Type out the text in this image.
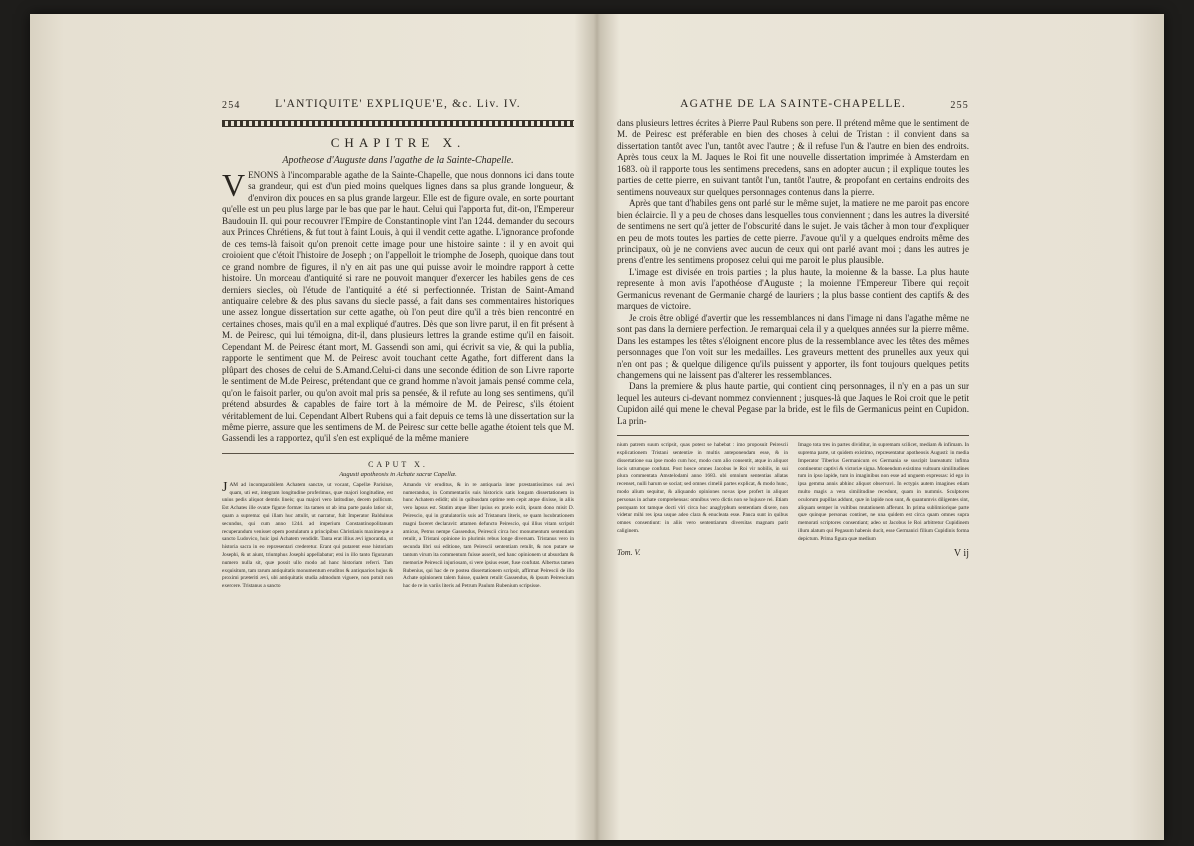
254	L'ANTIQUITE' EXPLIQUE'E, &c. Liv. IV.
CHAPITRE X.
Apotheose d'Auguste dans l'agathe de la Sainte-Chapelle.

V ENONS à l'incomparable agathe de la Sainte-Chapelle, que nous donnons ici dans toute sa grandeur, qui est d'un pied moins quelques lignes dans sa plus grande longueur, & d'environ dix pouces en sa plus grande largeur. Elle est de figure ovale, en sorte pourtant qu'elle est un peu plus large par le bas que par le haut. Celui qui l'apporta fut, dit-on, l'Empereur Baudouin II. qui pour recouvrer l'Empire de Constantinople vint l'an 1244. demander du secours aux Princes Chrétiens, & fut tout à faint Louis, à qui il vendit cette agathe. L'ignorance profonde de ces tems-là faisoit qu'on prenoit cette image pour une histoire sainte : il y en avoit qui croioient que c'étoit l'histoire de Joseph ; on l'appelloit le triomphe de Joseph, quoique dans tout ce grand nombre de figures, il n'y en ait pas une qui puisse avoir le moindre rapport à cette histoire. Un morceau d'antiquité si rare ne pouvoit manquer d'exercer les habiles gens de ces derniers siecles, où l'étude de l'antiquité a été si perfectionnée. Tristan de Saint-Amand antiquaire celebre & des plus savans du siecle passé, a fait dans ses commentaires historiques une assez longue dissertation sur cette agathe, où l'on peut dire qu'il a très bien rencontré en certaines choses, mais qu'il en a mal expliqué d'autres. Dès que son livre parut, il en fit présent à M. de Peiresc, qui lui témoigna, dit-il, dans plusieurs lettres la grande estime qu'il en faisoit. Cependant M. de Peiresc étant mort, M. Gassendi son ami, qui écrivit sa vie, & qui la publia, rapporte le sentiment que M. de Peiresc avoit touchant cette Agathe, fort different dans la plûpart des choses de celui de S.Amand.Celui-ci dans une seconde édition de son Livre raporte le sentiment de M.de Peiresc, prétendant que ce grand homme n'avoit jamais pensé comme cela, qu'on le faisoit parler, ou qu'on avoit mal pris sa pensée, & il refute au long ses sentimens, qu'il prétend absurdes & capables de faire tort à la mémoire de M. de Peiresc, s'ils étoient véritablement de lui. Cependant Albert Rubens qui a fait depuis ce tems là une dissertation sur la même pierre, assure que les sentimens de M. de Peiresc sur cette belle agathe étoient tels que M. Gassendi les a rapportez, qu'il s'en est expliqué de la même maniere

CAPUT X.
Augusti apotheosis in Achate sacræ Capellæ.

J AM ad incomparabilem Achatem sanctæ, ut vocant, Capellæ Parisinæ, quam, uti est, integram longitudine proferimus, quæ majori longitudine, est unius pedis aliquot demtis lineis; qua majori vero latitudine, decem pollicum. Est Achates ille ovatæ figuræ formæ: ita tamen ut ab ima parte paulo latior sit, quam a suprema: qui illam huc attulit, ut narratur, fuit Imperator Balduinus secundus, qui cum anno 1244. ad imperium Constantinopolitanum recuperandum venisset opem postulatum a principibus Christianis maximeque a sancto Ludovico, huic ipsi Achatem vendidit. Tanta erat illius ævi ignorantia, ut historia sacra in eo repræsentari crederetur. Erant qui putarent esse historiam Josephi, & ut aiunt, triumphus Josephi appellabatur; etsi in illo tanto figurarum numero nulla sit, quæ possit ullo modo ad hanc historiam referri. Tam exquisitum, tam rarum antiquitatis monumentum eruditos & antiquarios hujus & proximi præteriti ævi, ubi antiquitatis studia admodum viguere, non potuit non exercere. Tristanus a sancto

Amando vir eruditus, & in re antiquaria inter præstantissimos sui ævi numerandus, in Commentariis suis historicis satis longam dissertationem in hunc Achatem edidit; ubi in quibusdam optime rem cepit atque dixisse, in aliis vero lapsus est. Statim atque liber ipsius ex prælo exiit, ipsum dono misit D. Peirescio, qui in gratulatoriis suis ad Tristanum literis, se quam lucubrationem magni faceret declaravit: attamen defuncto Peirescio, qui illius vitam scripsit amicus, Petrus nempe Gassendus, Peirescii circa hoc monumentum sententiam retulit, a Tristani opinione in plurimis rebus longe diversam. Tristanus vero in secunda libri sui editione, tam Peirescii sententiam retulit, & non putare se tantum virum ita commentum fuisse asserit, sed hanc opinionem ut absurdam & memoriæ Peirescii injuriosam, si vere ipsius esset, fuse confutat. Albertus tamen Rubenius, qui hac de re postea dissertationem scripsit, affirmat Peirescii de illo Achate opinionem talem fuisse, qualem retulit Gassendus, & ipsum Peirescium hac de re in variis literis ad Petrum Paulum Rubenium scripsisse.

AGATHE DE LA SAINTE-CHAPELLE.	255

dans plusieurs lettres écrites à Pierre Paul Rubens son pere. Il prétend même que le sentiment de M. de Peiresc est préferable en bien des choses à celui de Tristan : il convient dans sa dissertation tantôt avec l'un, tantôt avec l'autre ; & il refuse l'un & l'autre en bien des endroits. Après tous ceux la M. Jaques le Roi fit une nouvelle dissertation imprimée à Amsterdam en 1683. où il rapporte tous les sentimens precedens, sans en adopter aucun ; il explique toutes les parties de cette pierre, en suivant tantôt l'un, tantôt l'autre, & propofant en certains endroits des sentimens nouveaux sur quelques personnages contenus dans la pierre.

Après que tant d'habiles gens ont parlé sur le même sujet, la matiere ne me paroit pas encore bien éclaircie. Il y a peu de choses dans lesquelles tous conviennent ; dans les autres la diversité de sentimens ne sert qu'à jetter de l'obscurité dans le sujet. Je vais tâcher à mon tour d'expliquer en peu de mots toutes les parties de cette pierre. J'avoue qu'il y a quelques endroits même des principaux, où je ne conviens avec aucun de ceux qui ont parlé avant moi ; dans les autres je prens d'entre les sentimens proposez celui qui me paroit le plus plausible.

L'image est divisée en trois parties ; la plus haute, la moienne & la basse. La plus haute represente à mon avis l'apothéose d'Auguste ; la moienne l'Empereur Tibere qui reçoit Germanicus revenant de Germanie chargé de lauriers ; la plus basse contient des captifs & des marques de victoire.

Je crois être obligé d'avertir que les ressemblances ni dans l'image ni dans l'agathe même ne sont pas dans la derniere perfection. Je remarquai cela il y a quelques années sur la pierre même. Dans les estampes les têtes s'éloignent encore plus de la ressemblance avec les têtes des mêmes personnages que l'on voit sur les medailles. Les graveurs mettent des prunelles aux yeux qui n'en ont pas ; & quelque diligence qu'ils puissent y apporter, ils font toujours quelques petits changemens qui ne laissent pas d'alterer les ressemblances.

Dans la premiere & plus haute partie, qui contient cinq personnages, il n'y en a pas un sur lequel les auteurs ci-devant nommez conviennent ; jusques-là que Jaques le Roi croit que le petit Cupidon ailé qui mene le cheval Pegase par la bride, est le fils de Germanicus peint en Cupidon. La prin-

nium patrem suum scripsit, quas potest se habebat : imo proposuit Peirescii explicationem Tristani sententiæ in multis anteponendam esse, & in dissertatione sua ipse modo cum hoc, modo cum alio consentit, atque in aliquot locis utrumque confutat. Post hosce omnes Jacobus le Roi vir nobilis, in sui plura commentata Amstelodami anno 1683. ubi omnium sententias allatas recenset, nulli harum se sociat; sed omnes cimelii partes explicat, & modo hunc, modo alium sequitur, & aliquando opiniones novas ipse profert in aliquot personas in achate comprehensas: omnibus vero dictis non se hujusce rei. Etiam postquam tot tamque docti viri circa hoc anaglyphum sententiam dixere, non videtur mihi res ipsa usque adeo clara & enucleata esse. Pauca sunt in quibus omnes consentiunt: in aliis vero sententiarum diversitas magnam parit caliginem.

Imago tota tres in partes dividitur, in supremam scilicet, mediam & infimam. In suprema parte, ut quidem existimo, repræsentatur apotheosis Augusti: in media Imperator Tiberius Germanicum ex Germania se suscipit laureatum: infima continentur captivi & victoriæ signa. Monendum existimo vultuum similitudines tum in ipso lapide, tum in imaginibus non esse ad unguem expressas: id ego in ipsa gemma annis abhinc aliquot observavi. In ectypis autem imagines etiam multo magis a vera similitudine recedunt, quam in nummis. Sculptores oculorum pupillas addunt, quæ in lapide non sunt, & quantumvis diligentes sint, aliquam semper in vultibus mutationem afferunt. In prima sublimiorique parte quæ quinque personas continet, ne una quidem est circa quam omnes supra memorati scriptores consentiant; adeo ut Jacobus le Roi arbitretur Cupidinem illum alatum qui Pegasum habenis ducit, esse Germanici filium Cupidinis forma depictum. Prima figura quæ medium

Tom. V.	V ij
